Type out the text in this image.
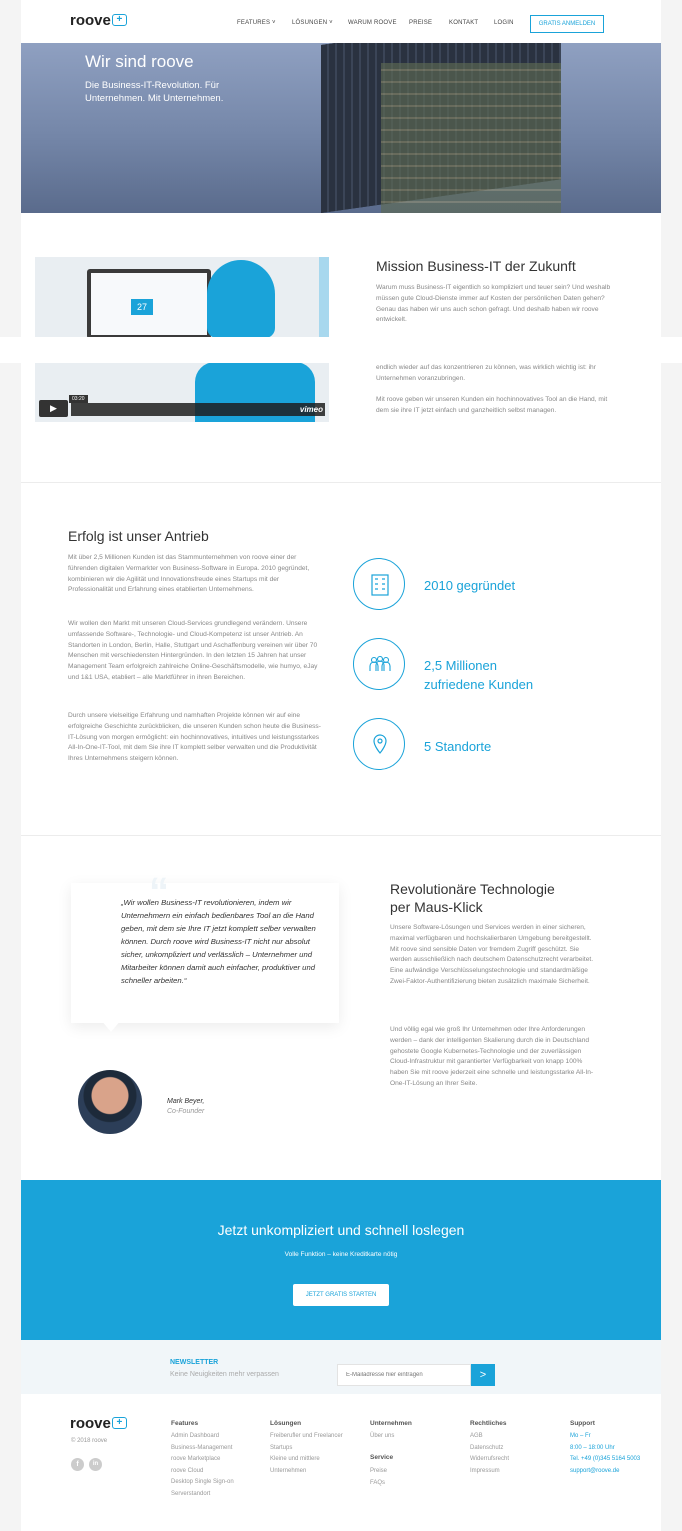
roove +	FEATURES ˅	LÖSUNGEN ˅	WARUM ROOVE PREISE	KONTAKT	LOGIN	GRATIS ANMELDEN
Wir sind roove
Die Business-IT-Revolution. Für Unternehmen. Mit Unternehmen.
27
▶
03:20
vimeo
Mission Business-IT der Zukunft
Warum muss Business-IT eigentlich so kompliziert und teuer sein? Und weshalb müssen gute Cloud-Dienste immer auf Kosten der persönlichen Daten gehen? Genau das haben wir uns auch schon gefragt. Und deshalb haben wir roove entwickelt.
endlich wieder auf das konzentrieren zu können, was wirklich wichtig ist: ihr Unternehmen voranzubringen.
Mit roove geben wir unseren Kunden ein hochinnovatives Tool an die Hand, mit dem sie ihre IT jetzt einfach und ganzheitlich selbst managen.
Erfolg ist unser Antrieb
Mit über 2,5 Millionen Kunden ist das Stammunternehmen von roove einer der führenden digitalen Vermarkter von Business-Software in Europa. 2010 gegründet, kombinieren wir die Agilität und Innovationsfreude eines Startups mit der Professionalität und Erfahrung eines etablierten Unternehmens.
Wir wollen den Markt mit unseren Cloud-Services grundlegend verändern. Unsere umfassende Software-, Technologie- und Cloud-Kompetenz ist unser Antrieb. An Standorten in London, Berlin, Halle, Stuttgart und Aschaffenburg vereinen wir über 70 Menschen mit verschiedensten Hintergründen. In den letzten 15 Jahren hat unser Management Team erfolgreich zahlreiche Online-Geschäftsmodelle, wie humyo, eJay und 1&1 USA, etabliert – alle Marktführer in ihren Bereichen.
Durch unsere vielseitige Erfahrung und namhaften Projekte können wir auf eine erfolgreiche Geschichte zurückblicken, die unseren Kunden schon heute die Business-IT-Lösung von morgen ermöglicht: ein hochinnovatives, intuitives und leistungsstarkes All-In-One-IT-Tool, mit dem Sie ihre IT komplett selber verwalten und die Produktivität Ihres Unternehmens steigern können.
2010 gegründet
2,5 Millionen
zufriedene Kunden
5 Standorte
“
„Wir wollen Business-IT revolutionieren, indem wir Unternehmern ein einfach bedienbares Tool an die Hand geben, mit dem sie Ihre IT jetzt komplett selber verwalten können. Durch roove wird Business-IT nicht nur absolut sicher, unkompliziert und verlässlich – Unternehmer und Mitarbeiter können damit auch einfacher, produktiver und schneller arbeiten.“
Mark Beyer,
Co-Founder
Revolutionäre Technologie
per Maus-Klick
Unsere Software-Lösungen und Services werden in einer sicheren, maximal verfügbaren und hochskalierbaren Umgebung bereitgestellt. Mit roove sind sensible Daten vor fremdem Zugriff geschützt. Sie werden ausschließlich nach deutschem Datenschutzrecht verarbeitet. Eine aufwändige Verschlüsselungstechnologie und standardmäßige Zwei-Faktor-Authentifizierung bieten zusätzlich maximale Sicherheit.
Und völlig egal wie groß Ihr Unternehmen oder Ihre Anforderungen werden – dank der intelligenten Skalierung durch die in Deutschland gehostete Google Kubernetes-Technologie und der zuverlässigen Cloud-Infrastruktur mit garantierter Verfügbarkeit von knapp 100% haben Sie mit roove jederzeit eine schnelle und leistungsstarke All-In-One-IT-Lösung an Ihrer Seite.
Jetzt unkompliziert und schnell loslegen
Volle Funktion – keine Kreditkarte nötig
JETZT GRATIS STARTEN
NEWSLETTER
Keine Neuigkeiten mehr verpassen
E-Mailadresse hier eintragen	>
roove +
© 2018 roove
f	in
Features
Admin Dashboard
Business-Management
roove Marketplace
roove Cloud
Desktop Single Sign-on
Serverstandort
Lösungen
Freiberufler und Freelancer
Startups
Kleine und mittlere
Unternehmen
Unternehmen
Über uns
Service
Preise
FAQs
Rechtliches
AGB
Datenschutz
Widerrufsrecht
Impressum
Support
Mo – Fr
8:00 – 18:00 Uhr
Tel. +49 (0)345 5164 5003
support@roove.de
